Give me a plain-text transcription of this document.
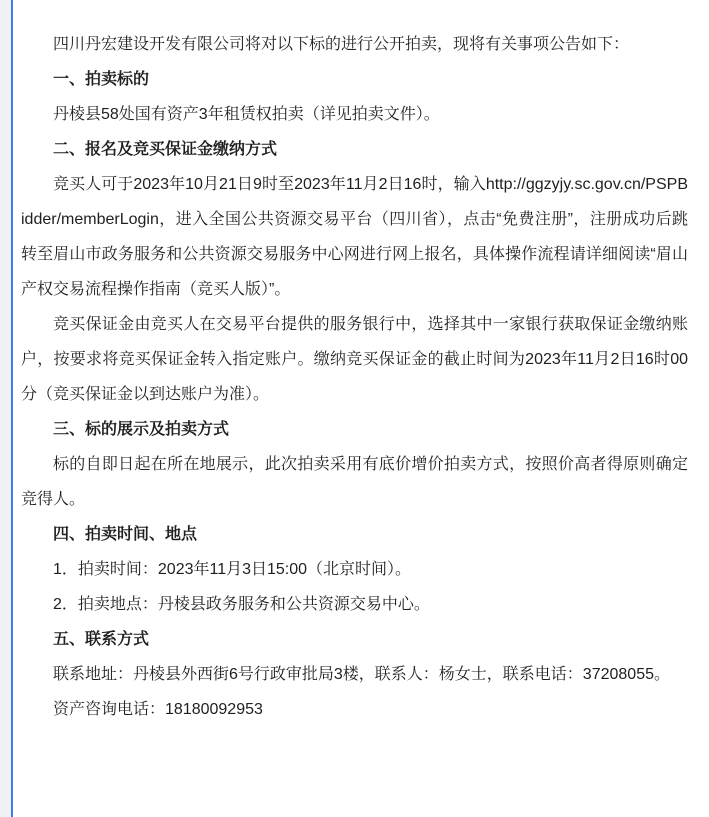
四川丹宏建设开发有限公司将对以下标的进行公开拍卖，现将有关事项公告如下：

一、拍卖标的

丹棱县58处国有资产3年租赁权拍卖（详见拍卖文件）。

二、报名及竞买保证金缴纳方式

竞买人可于2023年10月21日9时至2023年11月2日16时，输入http://ggzyjy.sc.gov.cn/PSPBidder/memberLogin，进入全国公共资源交易平台（四川省），点击“免费注册”，注册成功后跳转至眉山市政务服务和公共资源交易服务中心网进行网上报名，具体操作流程请详细阅读“眉山产权交易流程操作指南（竞买人版）”。

竞买保证金由竞买人在交易平台提供的服务银行中，选择其中一家银行获取保证金缴纳账户，按要求将竞买保证金转入指定账户。缴纳竞买保证金的截止时间为2023年11月2日16时00分（竞买保证金以到达账户为准）。

三、标的展示及拍卖方式

标的自即日起在所在地展示，此次拍卖采用有底价增价拍卖方式，按照价高者得原则确定竞得人。

四、拍卖时间、地点

1．拍卖时间：2023年11月3日15:00（北京时间）。

2．拍卖地点：丹棱县政务服务和公共资源交易中心。

五、联系方式

联系地址：丹棱县外西街6号行政审批局3楼，联系人：杨女士，联系电话：37208055。

资产咨询电话：18180092953
